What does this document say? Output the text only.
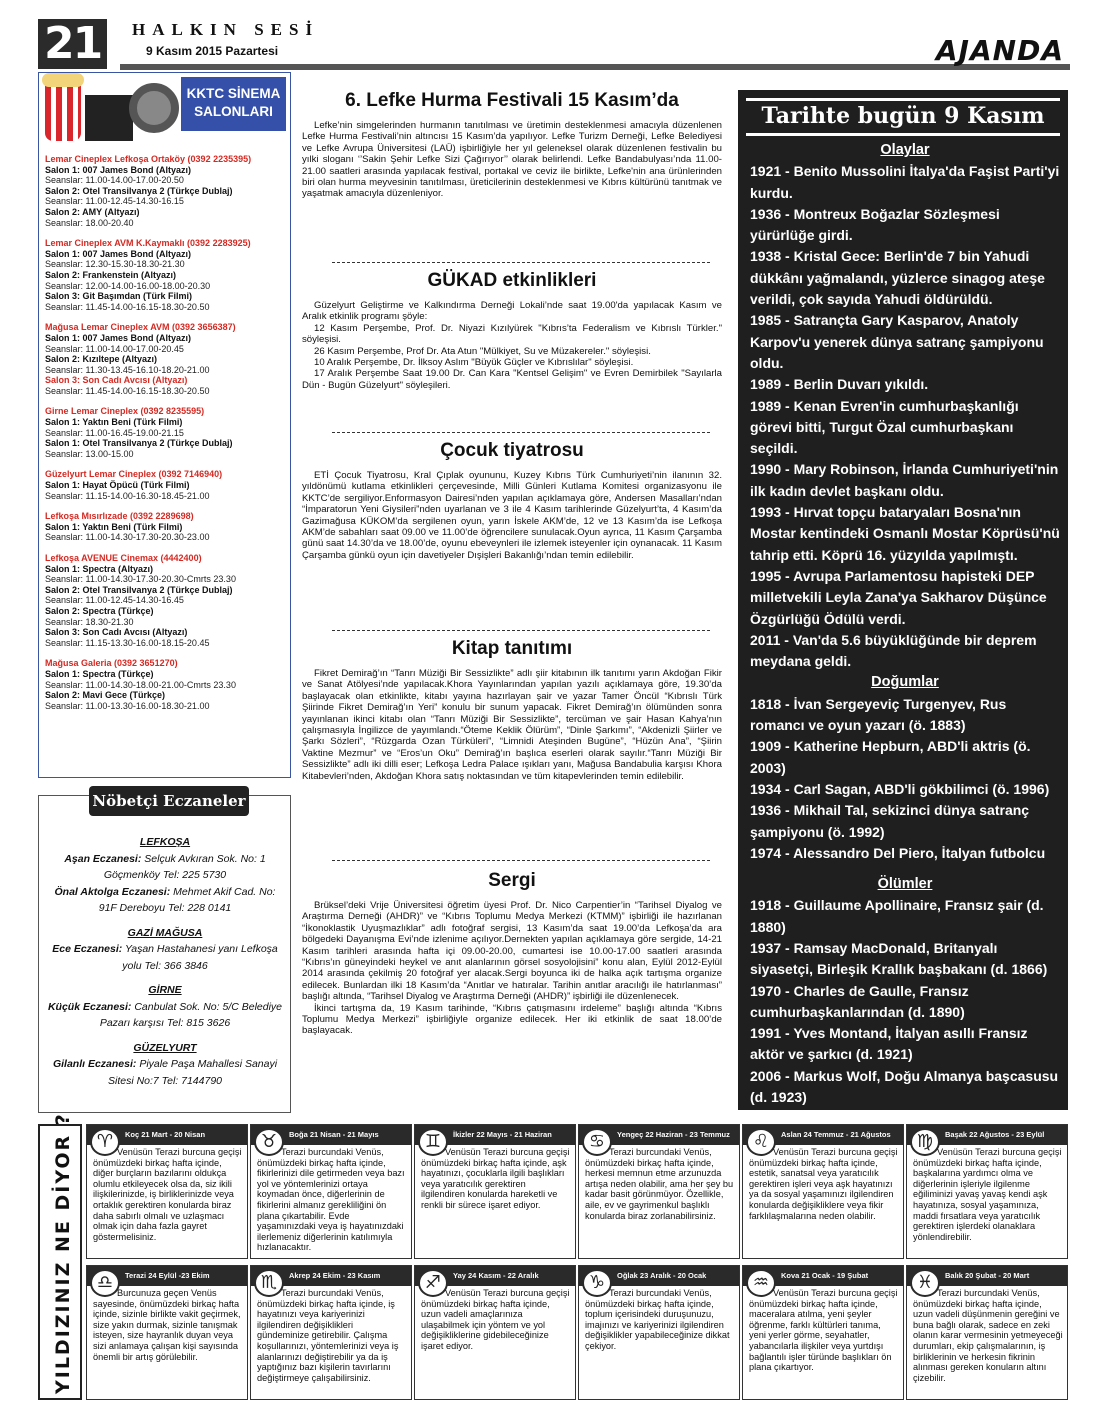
21	HALKIN SESİ
9 Kasım 2015 Pazartesi	AJANDA
KKTC SİNEMA
SALONLARI
Lemar Cineplex Lefkoşa Ortaköy (0392 2235395)
Salon 1: 007 James Bond (Altyazı)
Seanslar: 11.00-14.00-17.00-20.50
Salon 2: Otel Transilvanya 2 (Türkçe Dublaj)
Seanslar: 11.00-12.45-14.30-16.15
Salon 2: AMY (Altyazı)
Seanslar: 18.00-20.40
Lemar Cineplex AVM K.Kaymaklı (0392 2283925)
Salon 1: 007 James Bond (Altyazı)
Seanslar: 12.30-15.30-18.30-21.30
Salon 2: Frankenstein (Altyazı)
Seanslar: 12.00-14.00-16.00-18.00-20.30
Salon 3: Git Başımdan (Türk Filmi)
Seanslar: 11.45-14.00-16.15-18.30-20.50
Mağusa Lemar Cineplex AVM (0392 3656387)
Salon 1: 007 James Bond (Altyazı)
Seanslar: 11.00-14.00-17.00-20.45
Salon 2: Kızıltepe (Altyazı)
Seanslar: 11.30-13.45-16.10-18.20-21.00
Salon 3: Son Cadı Avcısı (Altyazı)
Seanslar: 11.45-14.00-16.15-18.30-20.50
Girne Lemar Cineplex (0392 8235595)
Salon 1: Yaktın Beni (Türk Filmi)
Seanslar: 11.00-16.45-19.00-21.15
Salon 1: Otel Transilvanya 2 (Türkçe Dublaj)
Seanslar: 13.00-15.00
Güzelyurt Lemar Cineplex (0392 7146940)
Salon 1: Hayat Öpücü (Türk Filmi)
Seanslar: 11.15-14.00-16.30-18.45-21.00
Lefkoşa Mısırlızade (0392 2289698)
Salon 1: Yaktın Beni (Türk Filmi)
Seanslar: 11.00-14.30-17.30-20.30-23.00
Lefkoşa AVENUE Cinemax (4442400)
Salon 1: Spectra (Altyazı)
Seanslar: 11.00-14.30-17.30-20.30-Cmrts 23.30
Salon 2: Otel Transilvanya 2 (Türkçe Dublaj)
Seanslar: 11.00-12.45-14.30-16.45
Salon 2: Spectra (Türkçe)
Seanslar: 18.30-21.30
Salon 3: Son Cadı Avcısı (Altyazı)
Seanslar: 11.15-13.30-16.00-18.15-20.45
Mağusa Galeria (0392 3651270)
Salon 1: Spectra (Türkçe)
Seanslar: 11.00-14.30-18.00-21.00-Cmrts 23.30
Salon 2: Mavi Gece (Türkçe)
Seanslar: 11.00-13.30-16.00-18.30-21.00
Nöbetçi Eczaneler
LEFKOŞA
Aşan Eczanesi: Selçuk Avkıran Sok. No: 1 Göçmenköy Tel: 225 5730
Önal Aktolga Eczanesi: Mehmet Akif Cad. No: 91F Dereboyu Tel: 228 0141
GAZİ MAĞUSA
Ece Eczanesi: Yaşan Hastahanesi yanı Lefkoşa yolu Tel: 366 3846
GİRNE
Küçük Eczanesi: Canbulat Sok. No: 5/C Belediye Pazarı karşısı Tel: 815 3626
GÜZELYURT
Gilanlı Eczanesi: Piyale Paşa Mahallesi Sanayi Sitesi No:7 Tel: 7144790
6. Lefke Hurma Festivali 15 Kasım’da

Lefke’nin simgelerinden hurmanın tanıtılması ve üretimin desteklenmesi amacıyla düzenlenen Lefke Hurma Festivali’nin altıncısı 15 Kasım’da yapılıyor. Lefke Turizm Derneği, Lefke Belediyesi ve Lefke Avrupa Üniversitesi (LAÜ) işbirliğiyle her yıl geleneksel olarak düzenlenen festivalin bu yılki sloganı ‘’Sakin Şehir Lefke Sizi Çağırıyor’’ olarak belirlendi. Lefke Bandabulyası’nda 11.00-21.00 saatleri arasında yapılacak festival, portakal ve ceviz ile birlikte, Lefke'nin ana ürünlerinden biri olan hurma meyvesinin tanıtılması, üreticilerinin desteklenmesi ve Kıbrıs kültürünü tanıtmak ve yaşatmak amacıyla düzenleniyor.

GÜKAD etkinlikleri

Güzelyurt Geliştirme ve Kalkındırma Derneği Lokali’nde saat 19.00'da yapılacak Kasım ve Aralık etkinlik programı şöyle:

12 Kasım Perşembe, Prof. Dr. Niyazi Kızılyürek "Kıbrıs’ta Federalism ve Kıbrıslı Türkler." söyleşisi.

26 Kasım Perşembe, Prof Dr. Ata Atun "Mülkiyet, Su ve Müzakereler." söyleşisi.

10 Aralık Perşembe, Dr. İlksoy Aslım "Büyük Güçler ve Kıbrıslılar" söyleşisi.

17 Aralık Perşembe Saat 19.00 Dr. Can Kara "Kentsel Gelişim" ve Evren Demirbilek "Sayılarla Dün - Bugün Güzelyurt" söyleşileri.

Çocuk tiyatrosu

ETİ Çocuk Tiyatrosu, Kral Çıplak oyununu, Kuzey Kıbrıs Türk Cumhuriyeti’nin ilanının 32. yıldönümü kutlama etkinlikleri çerçevesinde, Milli Günleri Kutlama Komitesi organizasyonu ile KKTC’de sergiliyor.Enformasyon Dairesi’nden yapılan açıklamaya göre, Andersen Masalları’ndan “İmparatorun Yeni Giysileri”nden uyarlanan ve 3 ile 4 Kasım tarihlerinde Güzelyurt’ta, 4 Kasım’da Gazimağusa KÜKOM’da sergilenen oyun, yarın İskele AKM’de, 12 ve 13 Kasım’da ise Lefkoşa AKM’de sabahları saat 09.00 ve 11.00’de öğrencilere sunulacak.Oyun ayrıca, 11 Kasım Çarşamba günü saat 14.30’da ve 18.00’de, oyunu ebeveynleri ile izlemek isteyenler için oynanacak. 11 Kasım Çarşamba günkü oyun için davetiyeler Dışişleri Bakanlığı’ndan temin edilebilir.

Kitap tanıtımı

Fikret Demirağ’ın “Tanrı Müziği Bir Sessizlikte” adlı şiir kitabının ilk tanıtımı yarın Akdoğan Fikir ve Sanat Atölyesi’nde yapılacak.Khora Yayınlarından yapılan yazılı açıklamaya göre, 19.30’da başlayacak olan etkinlikte, kitabı yayına hazırlayan şair ve yazar Tamer Öncül “Kıbrıslı Türk Şiirinde Fikret Demirağ’ın Yeri” konulu bir sunum yapacak. Fikret Demirağ’ın ölümünden sonra yayınlanan ikinci kitabı olan “Tanrı Müziği Bir Sessizlikte”, tercüman ve şair Hasan Kahya’nın çalışmasıyla İngilizce de yayımlandı.“Öteme Keklik Ölürüm”, “Dinle Şarkımı”, “Akdenizli Şiirler ve Şarkı Sözleri”, “Rüzgarda Ozan Türküleri”, “Limnidi Ateşinden Bugüne”, “Hüzün Ana”, “Şiirin Vaktine Mezmur” ve “Eros’un Oku” Demirağ’ın başlıca eserleri olarak sayılır.“Tanrı Müziği Bir Sessizlikte” adlı iki dilli eser; Lefkoşa Ledra Palace ışıkları yanı, Mağusa Bandabulia karşısı Khora Kitabevleri’nden, Akdoğan Khora satış noktasından ve tüm kitapevlerinden temin edilebilir.

Sergi

Brüksel’deki Vrije Üniversitesi öğretim üyesi Prof. Dr. Nico Carpentier’in “Tarihsel Diyalog ve Araştırma Derneği (AHDR)” ve “Kıbrıs Toplumu Medya Merkezi (KTMM)” işbirliği ile hazırlanan “İkonoklastik Uyuşmazlıklar” adlı fotoğraf sergisi, 13 Kasım’da saat 19.00’da Lefkoşa’da ara bölgedeki Dayanışma Evi’nde izlenime açılıyor.Dernekten yapılan açıklamaya göre sergide, 14-21 Kasım tarihleri arasında hafta içi 09.00-20.00, cumartesi ise 10.00-17.00 saatleri arasında “Kıbrıs’ın güneyindeki heykel ve anıt alanlarının görsel sosyolojisini” konu alan, Eylül 2012-Eylül 2014 arasında çekilmiş 20 fotoğraf yer alacak.Sergi boyunca iki de halka açık tartışma organize edilecek. Bunlardan ilki 18 Kasım’da “Anıtlar ve hatıralar. Tarihin anıtlar aracılığı ile hatırlanması” başlığı altında, “Tarihsel Diyalog ve Araştırma Derneği (AHDR)” işbirliği ile düzenlenecek.

İkinci tartışma da, 19 Kasım tarihinde, “Kıbrıs çatışmasını irdeleme” başlığı altında “Kıbrıs Toplumu Medya Merkezi” işbirliğiyle organize edilecek. Her iki etkinlik de saat 18.00’de başlayacak.

Tarihte bugün 9 Kasım
Olaylar
1921 - Benito Mussolini İtalya'da Faşist Parti'yi kurdu.
1936 - Montreux Boğazlar Sözleşmesi yürürlüğe girdi.
1938 - Kristal Gece: Berlin'de 7 bin Yahudi dükkânı yağmalandı, yüzlerce sinagog ateşe verildi, çok sayıda Yahudi öldürüldü.
1985 - Satrançta Gary Kasparov, Anatoly Karpov'u yenerek dünya satranç şampiyonu oldu.
1989 - Berlin Duvarı yıkıldı.
1989 - Kenan Evren'in cumhurbaşkanlığı görevi bitti, Turgut Özal cumhurbaşkanı seçildi.
1990 - Mary Robinson, İrlanda Cumhuriyeti'nin ilk kadın devlet başkanı oldu.
1993 - Hırvat topçu bataryaları Bosna'nın Mostar kentindeki Osmanlı Mostar Köprüsü'nü tahrip etti. Köprü 16. yüzyılda yapılmıştı.
1995 - Avrupa Parlamentosu hapisteki DEP milletvekili Leyla Zana'ya Sakharov Düşünce Özgürlüğü Ödülü verdi.
2011 - Van'da 5.6 büyüklüğünde bir deprem meydana geldi.
Doğumlar
1818 - İvan Sergeyeviç Turgenyev, Rus romancı ve oyun yazarı (ö. 1883)
1909 - Katherine Hepburn, ABD'li aktris (ö. 2003)
1934 - Carl Sagan, ABD'li gökbilimci (ö. 1996)
1936 - Mikhail Tal, sekizinci dünya satranç şampiyonu (ö. 1992)
1974 - Alessandro Del Piero, İtalyan futbolcu
Ölümler
1918 - Guillaume Apollinaire, Fransız şair (d. 1880)
1937 - Ramsay MacDonald, Britanyalı siyasetçi, Birleşik Krallık başbakanı (d. 1866)
1970 - Charles de Gaulle, Fransız cumhurbaşkanlarından (d. 1890)
1991 - Yves Montand, İtalyan asıllı Fransız aktör ve şarkıcı (d. 1921)
2006 - Markus Wolf, Doğu Almanya başcasusu (d. 1923)
YILDIZINIZ NE DİYOR ?	♈	Koç 21 Mart - 20 Nisan
Venüsün Terazi burcuna geçişi önümüzdeki birkaç hafta içinde, diğer burçların bazılarını oldukça olumlu etkileyecek olsa da, siz ikili ilişkilerinizde, iş birliklerinizde veya ortaklık gerektiren konularda biraz daha sabırlı olmalı ve uzlaşmacı olmak için daha fazla gayret göstermelisiniz.
♉	Boğa 21 Nisan - 21 Mayıs
Terazi burcundaki Venüs, önümüzdeki birkaç hafta içinde, fikirlerinizi dile getirmeden veya bazı yol ve yöntemlerinizi ortaya koymadan önce, diğerlerinin de fikirlerini almanız gerekliliğini ön plana çıkartabilir. Evde yaşamınızdaki veya iş hayatınızdaki ilerlemeniz diğerlerinin katılımıyla hızlanacaktır.
♊	İkizler 22 Mayıs - 21 Haziran
Venüsün Terazi burcuna geçişi önümüzdeki birkaç hafta içinde, aşk hayatınızı, çocuklarla ilgili başlıkları veya yaratıcılık gerektiren ilgilendiren konularda hareketli ve renkli bir sürece işaret ediyor.
♋	Yengeç 22 Haziran - 23 Temmuz
Terazi burcundaki Venüs, önümüzdeki birkaç hafta içinde, herkesi memnun etme arzunuzda artışa neden olabilir, ama her şey bu kadar basit görünmüyor. Özellikle, aile, ev ve gayrimenkul başlıklı konularda biraz zorlanabilirsiniz.
♌	Aslan 24 Temmuz - 21 Ağustos
Venüsün Terazi burcuna geçişi önümüzdeki birkaç hafta içinde, estetik, sanatsal veya yaratıcılık gerektiren işleri veya aşk hayatınızı ya da sosyal yaşamınızı ilgilendiren konularda değişikliklere veya fikir farklılaşmalarına neden olabilir.
♍	Başak 22 Ağustos - 23 Eylül
Venüsün Terazi burcuna geçişi önümüzdeki birkaç hafta içinde, başkalarına yardımcı olma ve diğerlerinin işleriyle ilgilenme eğiliminizi yavaş yavaş kendi aşk hayatınıza, sosyal yaşamınıza, maddi fırsatlara veya yaratıcılık gerektiren işlerdeki olanaklara yönlendirebilir.
♎	Terazi 24 Eylül -23 Ekim
Burcunuza geçen Venüs sayesinde, önümüzdeki birkaç hafta içinde, sizinle birlikte vakit geçirmek, size yakın durmak, sizinle tanışmak isteyen, size hayranlık duyan veya sizi anlamaya çalışan kişi sayısında önemli bir artış görülebilir.
♏	Akrep 24 Ekim - 23 Kasım
Terazi burcundaki Venüs, önümüzdeki birkaç hafta içinde, iş hayatınızı veya kariyerinizi ilgilendiren değişiklikleri gündeminize getirebilir. Çalışma koşullarınızı, yöntemlerinizi veya iş alanlarınızı değiştirebilir ya da iş yaptığınız bazı kişilerin tavırlarını değiştirmeye çalışabilirsiniz.
♐	Yay 24 Kasım - 22 Aralık
Venüsün Terazi burcuna geçişi önümüzdeki birkaç hafta içinde, uzun vadeli amaçlarınıza ulaşabilmek için yöntem ve yol değişikliklerine gidebileceğinize işaret ediyor.
♑	Oğlak 23 Aralık - 20 Ocak
Terazi burcundaki Venüs, önümüzdeki birkaç hafta içinde, toplum içerisindeki duruşunuzu, imajınızı ve kariyerinizi ilgilendiren değişiklikler yapabileceğinize dikkat çekiyor.
♒	Kova 21 Ocak - 19 Şubat
Venüsün Terazi burcuna geçişi önümüzdeki birkaç hafta içinde, maceralara atılma, yeni şeyler öğrenme, farklı kültürleri tanıma, yeni yerler görme, seyahatler, yabancılarla ilişkiler veya yurtdışı bağlantılı işler türünde başlıkları ön plana çıkartıyor.
♓	Balık 20 Şubat - 20 Mart
Terazi burcundaki Venüs, önümüzdeki birkaç hafta içinde, uzun vadeli düşünmenin gereğini ve buna bağlı olarak, sadece en zeki olanın karar vermesinin yetmeyeceği durumları, ekip çalışmalarının, iş birliklerinin ve herkesin fikrinin alınması gereken konuların altını çizebilir.
